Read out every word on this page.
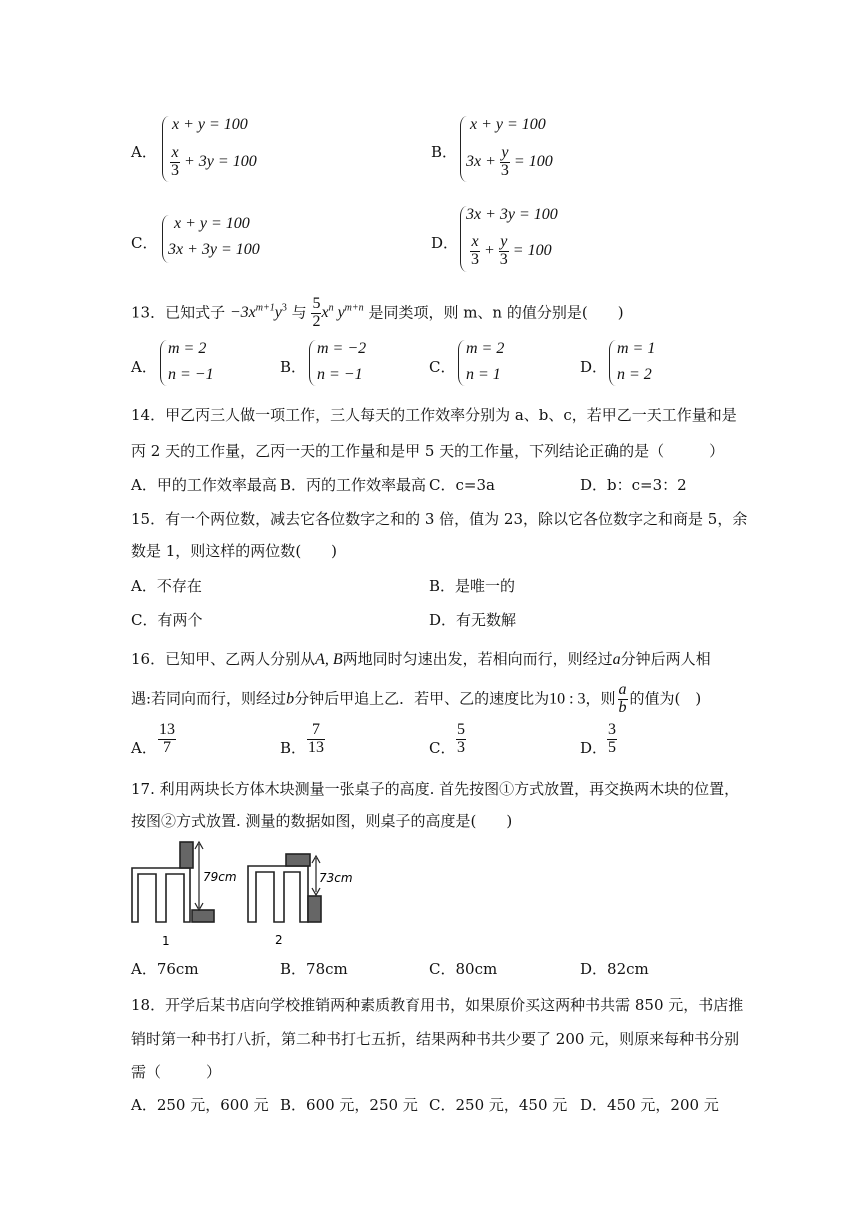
A．
x + y = 100
$\frac{x}{3} + 3y = 100$
B．
x + y = 100
$3x + \frac{y}{3} = 100$
C．
x + y = 100
3x + 3y = 100	D．
3x + 3y = 100
$\frac{x}{3} + \frac{y}{3} = 100$
13．已知式子 $-3x^{m+1}y^3$ 与 $\frac{5}{2} x^n$ $y^{m+n}$ 是同类项，则 m、n 的值分别是(　　)
A．
m = 2
n = −1	B．
m = −2
n = −1	C．
m = 2
n = 1	D．
m = 1
n = 2
14．甲乙丙三人做一项工作，三人每天的工作效率分别为 a、b、c，若甲乙一天工作量和是
丙 2 天的工作量，乙丙一天的工作量和是甲 5 天的工作量，下列结论正确的是（　　　）
A．甲的工作效率最高 B．丙的工作效率最高 C．c=3a	D．b：c=3：2
15．有一个两位数，减去它各位数字之和的 3 倍，值为 23，除以它各位数字之和商是 5，余
数是 1，则这样的两位数(　　)
A．不存在	B．是唯一的
C．有两个	D．有无数解
16．已知甲、乙两人分别从A, B两地同时匀速出发，若相向而行，则经过a分钟后两人相
遇:若同向而行，则经过b分钟后甲追上乙．若甲、乙的速度比为10 : 3，则 $\frac{a}{b}$ 的值为(　)
A． $\frac{13}{7}$	B． $\frac{7}{13}$	C． $\frac{5}{3}$	D． $\frac{3}{5}$
17. 利用两块长方体木块测量一张桌子的高度. 首先按图①方式放置，再交换两木块的位置，
按图②方式放置. 测量的数据如图，则桌子的高度是(　　)
79cm
1
73cm
2
A．76cm	B．78cm	C．80cm	D．82cm
18．开学后某书店向学校推销两种素质教育用书，如果原价买这两种书共需 850 元，书店推
销时第一种书打八折，第二种书打七五折，结果两种书共少要了 200 元，则原来每种书分别
需（　　　）
A．250 元，600 元 B．600 元，250 元 C．250 元，450 元 D．450 元，200 元
